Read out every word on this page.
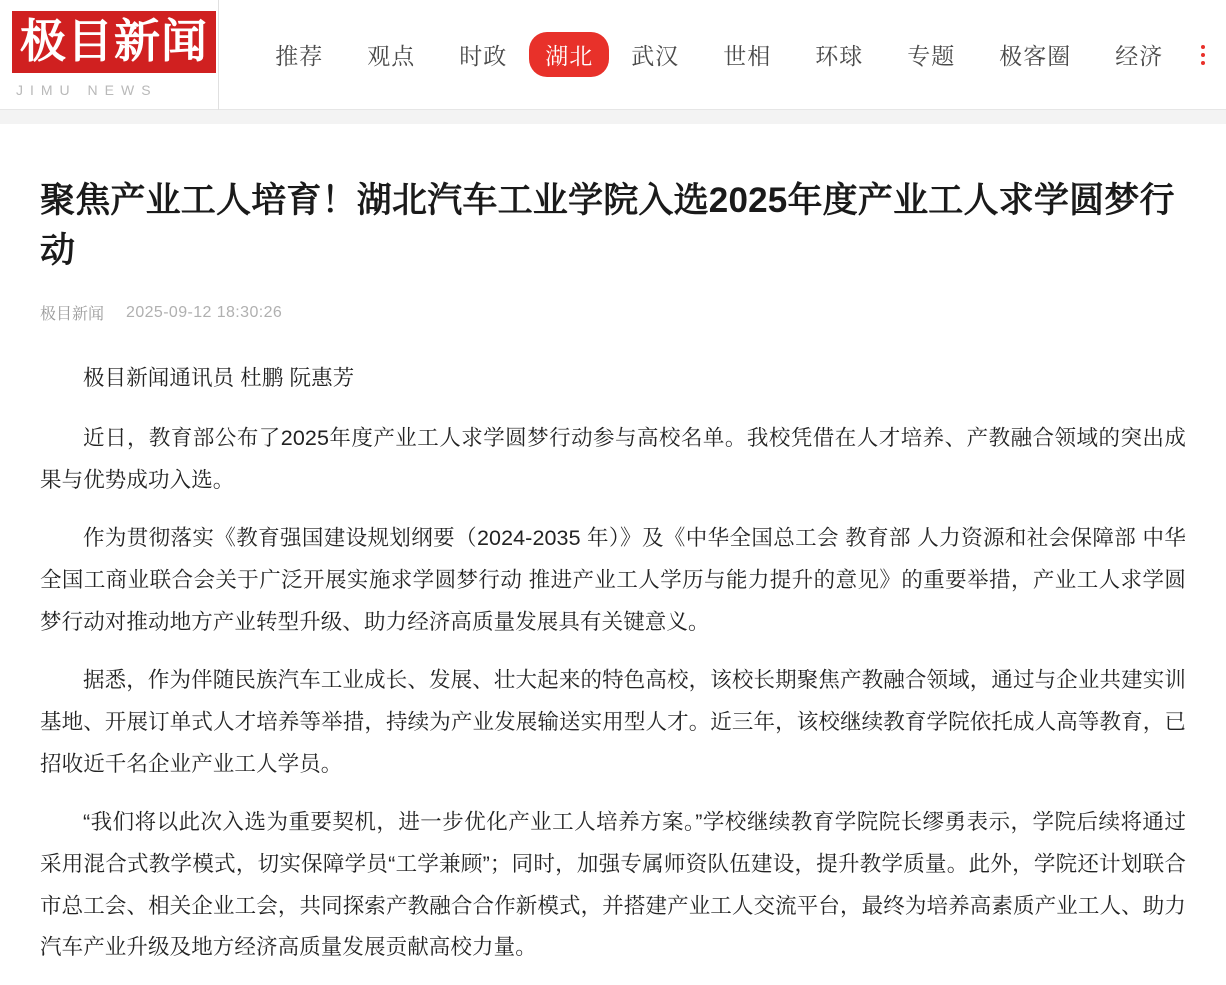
极目新闻
JIMU NEWS
推荐	观点	时政	湖北	武汉	世相	环球	专题	极客圈	经济
聚焦产业工人培育！湖北汽车工业学院入选2025年度产业工人求学圆梦行动
极目新闻 2025-09-12 18:30:26

极目新闻通讯员 杜鹏 阮惠芳

近日，教育部公布了2025年度产业工人求学圆梦行动参与高校名单。我校凭借在人才培养、产教融合领域的突出成果与优势成功入选。

作为贯彻落实《教育强国建设规划纲要（2024-2035 年）》及《中华全国总工会 教育部 人力资源和社会保障部 中华全国工商业联合会关于广泛开展实施求学圆梦行动 推进产业工人学历与能力提升的意见》的重要举措，产业工人求学圆梦行动对推动地方产业转型升级、助力经济高质量发展具有关键意义。

据悉，作为伴随民族汽车工业成长、发展、壮大起来的特色高校，该校长期聚焦产教融合领域，通过与企业共建实训基地、开展订单式人才培养等举措，持续为产业发展输送实用型人才。近三年，该校继续教育学院依托成人高等教育，已招收近千名企业产业工人学员。

“我们将以此次入选为重要契机，进一步优化产业工人培养方案。”学校继续教育学院院长缪勇表示，学院后续将通过采用混合式教学模式，切实保障学员“工学兼顾”；同时，加强专属师资队伍建设，提升教学质量。此外，学院还计划联合市总工会、相关企业工会，共同探索产教融合合作新模式，并搭建产业工人交流平台，最终为培养高素质产业工人、助力汽车产业升级及地方经济高质量发展贡献高校力量。
